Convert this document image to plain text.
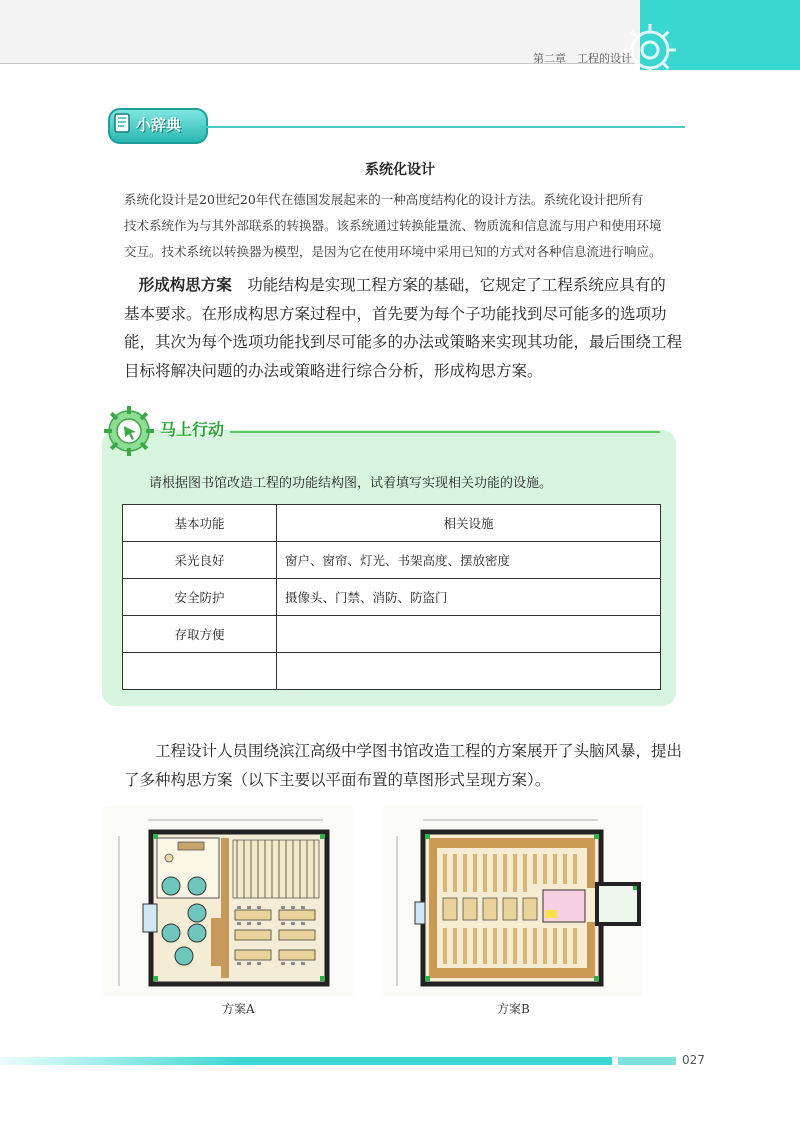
第二章　工程的设计
小辞典
系统化设计
系统化设计是20世纪20年代在德国发展起来的一种高度结构化的设计方法。系统化设计把所有
技术系统作为与其外部联系的转换器。该系统通过转换能量流、物质流和信息流与用户和使用环境
交互。技术系统以转换器为模型，是因为它在使用环境中采用已知的方式对各种信息流进行响应。
形成构思方案　功能结构是实现工程方案的基础，它规定了工程系统应具有的
基本要求。在形成构思方案过程中，首先要为每个子功能找到尽可能多的选项功
能，其次为每个选项功能找到尽可能多的办法或策略来实现其功能，最后围绕工程
目标将解决问题的办法或策略进行综合分析，形成构思方案。
马上行动
请根据图书馆改造工程的功能结构图，试着填写实现相关功能的设施。
基本功能	相关设施
采光良好	窗户、窗帘、灯光、书架高度、摆放密度
安全防护	摄像头、门禁、消防、防盗门
存取方便	

　　工程设计人员围绕滨江高级中学图书馆改造工程的方案展开了头脑风暴，提出
了多种构思方案（以下主要以平面布置的草图形式呈现方案）。
方案A	方案B
027
